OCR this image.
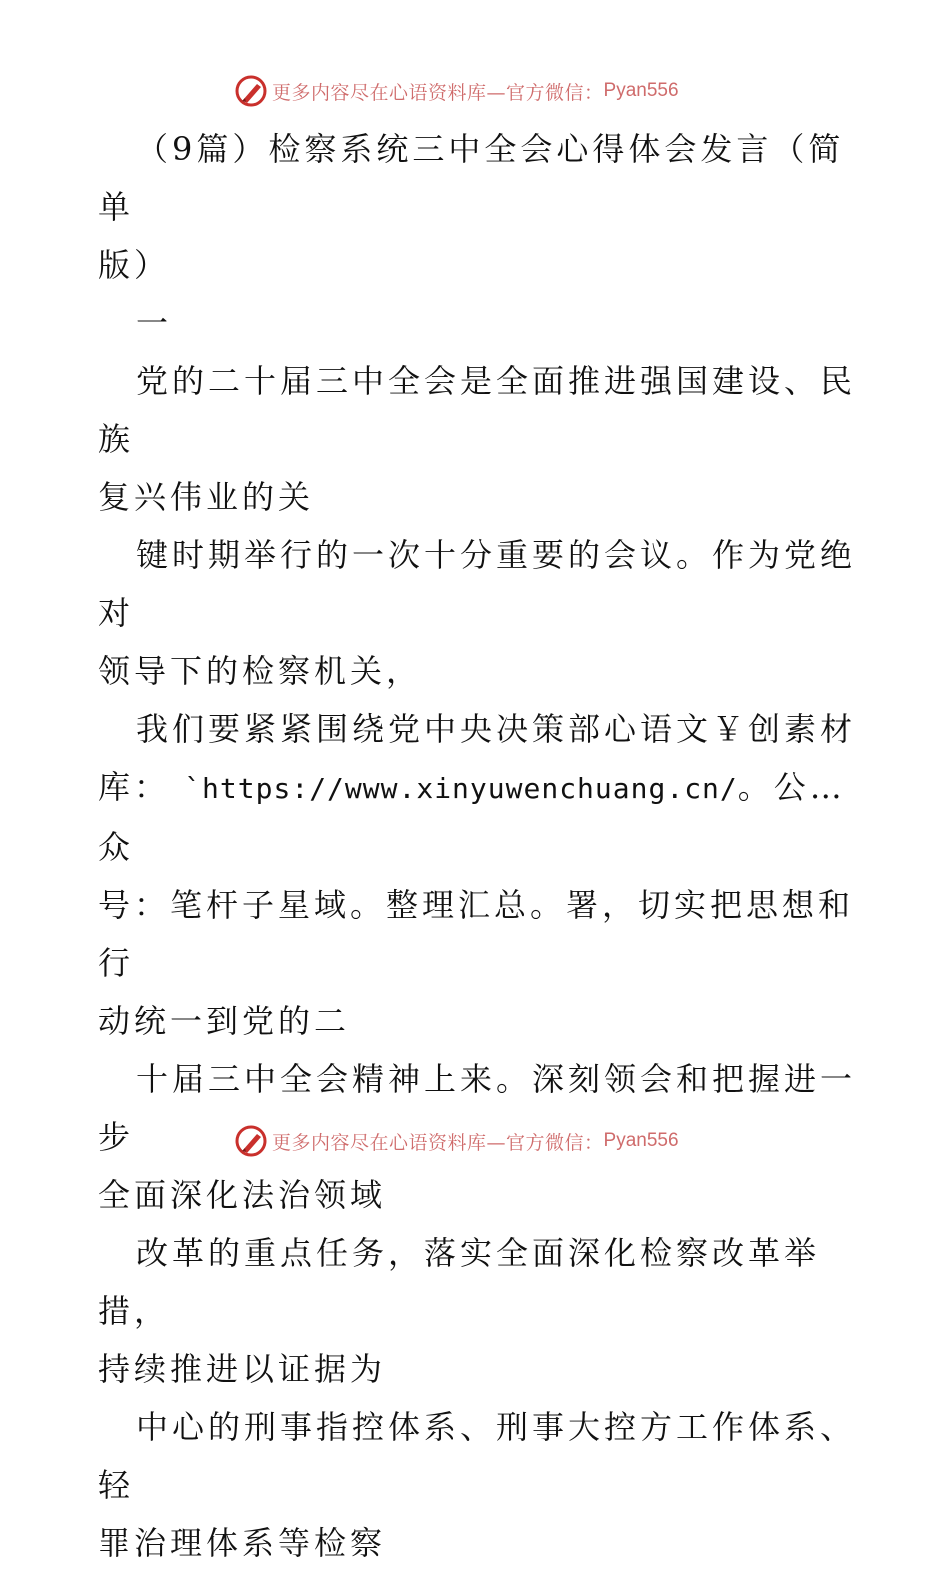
更多内容尽在心语资料库—官方微信： Pyan556

（9篇）检察系统三中全会心得体会发言（简单

版）

一

党的二十届三中全会是全面推进强国建设、民族

复兴伟业的关

键时期举行的一次十分重要的会议。作为党绝对

领导下的检察机关，

我们要紧紧围绕党中央决策部心语文￥创素材

库： `https://www.xinyuwenchuang.cn/。公…众

号：笔杆子星域。整理汇总。署，切实把思想和行

动统一到党的二

十届三中全会精神上来。深刻领会和把握进一步

全面深化法治领域

改革的重点任务，落实全面深化检察改革举措，

持续推进以证据为

中心的刑事指控体系、刑事大控方工作体系、轻

罪治理体系等检察

更多内容尽在心语资料库—官方微信： Pyan556
